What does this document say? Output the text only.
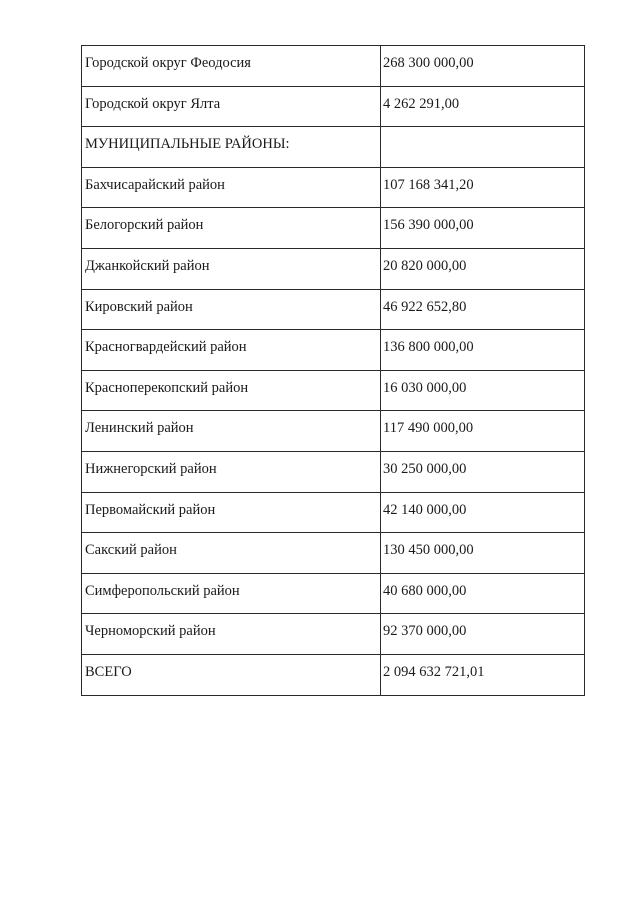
Городской округ Феодосия	268 300 000,00

Городской округ Ялта	4 262 291,00

МУНИЦИПАЛЬНЫЕ РАЙОНЫ:	

Бахчисарайский район	107 168 341,20

Белогорский район	156 390 000,00

Джанкойский район	20 820 000,00

Кировский район	46 922 652,80

Красногвардейский район	136 800 000,00

Красноперекопский район	16 030 000,00

Ленинский район	117 490 000,00

Нижнегорский район	30 250 000,00

Первомайский район	42 140 000,00

Сакский район	130 450 000,00

Симферопольский район	40 680 000,00

Черноморский район	92 370 000,00

ВСЕГО	2 094 632 721,01
